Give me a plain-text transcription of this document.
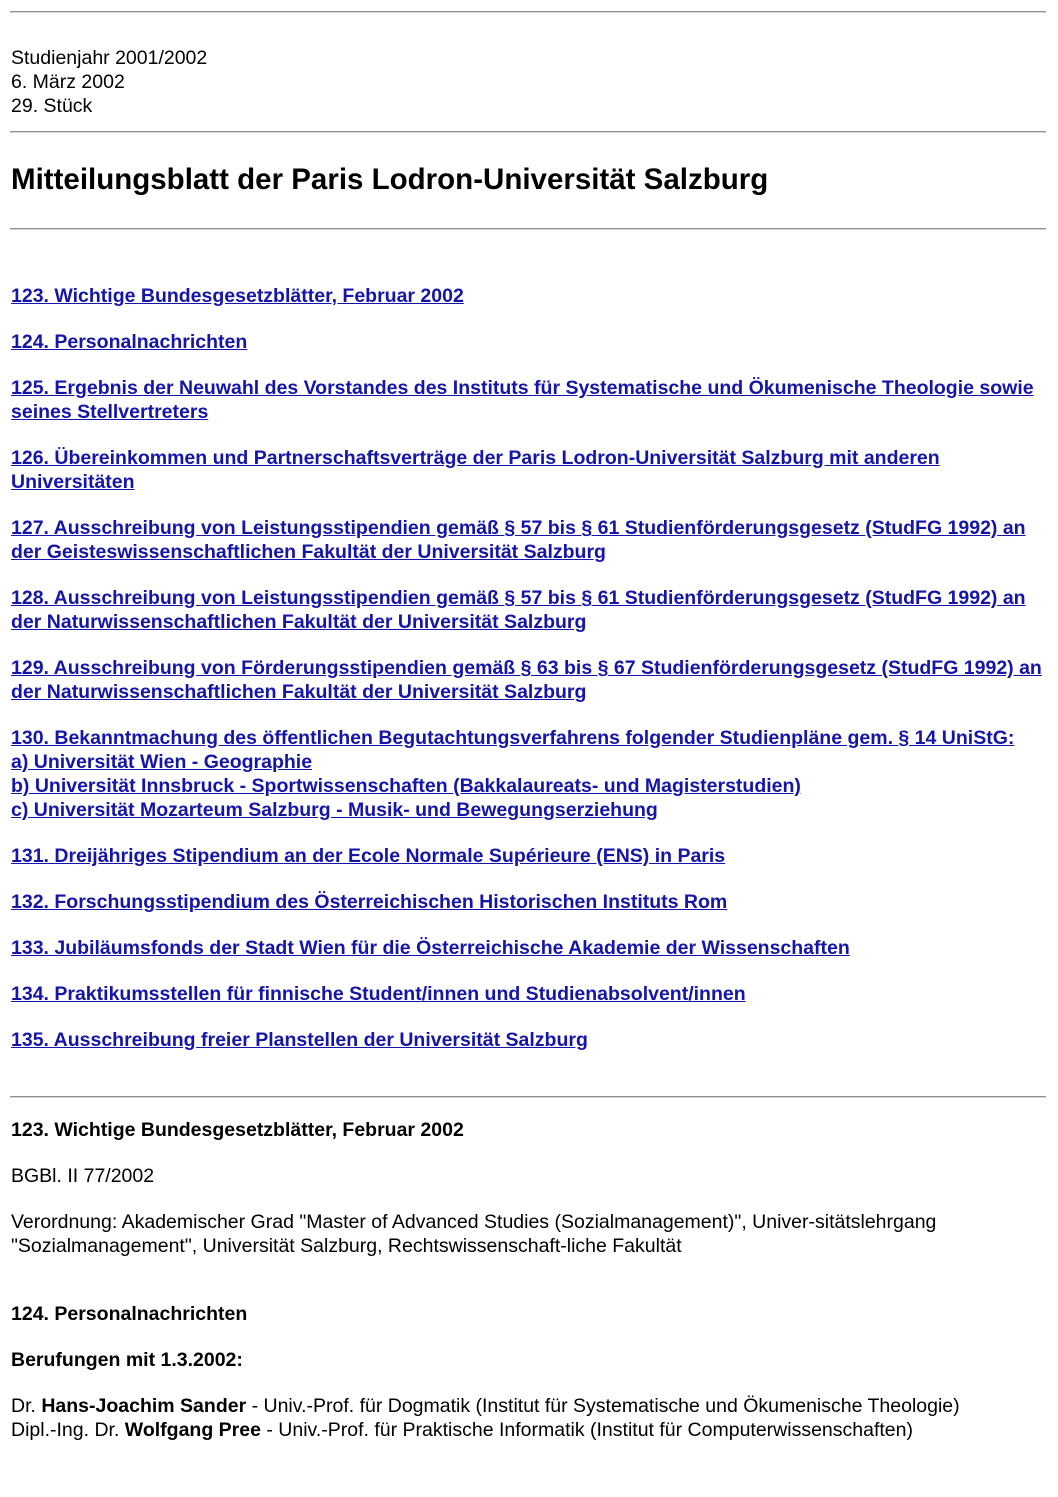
Studienjahr 2001/2002
6. März 2002
29. Stück
Mitteilungsblatt der Paris Lodron-Universität Salzburg
123. Wichtige Bundesgesetzblätter, Februar 2002
124. Personalnachrichten
125. Ergebnis der Neuwahl des Vorstandes des Instituts für Systematische und Ökumenische Theologie sowie seines Stellvertreters
126. Übereinkommen und Partnerschaftsverträge der Paris Lodron-Universität Salzburg mit anderen Universitäten
127. Ausschreibung von Leistungsstipendien gemäß § 57 bis § 61 Studienförderungsgesetz (StudFG 1992) an der Geisteswissenschaftlichen Fakultät der Universität Salzburg
128. Ausschreibung von Leistungsstipendien gemäß § 57 bis § 61 Studienförderungsgesetz (StudFG 1992) an der Naturwissenschaftlichen Fakultät der Universität Salzburg
129. Ausschreibung von Förderungsstipendien gemäß § 63 bis § 67 Studienförderungsgesetz (StudFG 1992) an der Naturwissenschaftlichen Fakultät der Universität Salzburg
130. Bekanntmachung des öffentlichen Begutachtungsverfahrens folgender Studienpläne gem. § 14 UniStG:
a) Universität Wien - Geographie
b) Universität Innsbruck - Sportwissenschaften (Bakkalaureats- und Magisterstudien)
c) Universität Mozarteum Salzburg - Musik- und Bewegungserziehung
131. Dreijähriges Stipendium an der Ecole Normale Supérieure (ENS) in Paris
132. Forschungsstipendium des Österreichischen Historischen Instituts Rom
133. Jubiläumsfonds der Stadt Wien für die Österreichische Akademie der Wissenschaften
134. Praktikumsstellen für finnische Student/innen und Studienabsolvent/innen
135. Ausschreibung freier Planstellen der Universität Salzburg
123. Wichtige Bundesgesetzblätter, Februar 2002
BGBl. II 77/2002
Verordnung: Akademischer Grad "Master of Advanced Studies (Sozialmanagement)", Univer-sitätslehrgang "Sozialmanagement", Universität Salzburg, Rechtswissenschaft-liche Fakultät
124. Personalnachrichten
Berufungen mit 1.3.2002:
Dr. Hans-Joachim Sander - Univ.-Prof. für Dogmatik (Institut für Systematische und Ökumenische Theologie)
Dipl.-Ing. Dr. Wolfgang Pree - Univ.-Prof. für Praktische Informatik (Institut für Computerwissenschaften)
